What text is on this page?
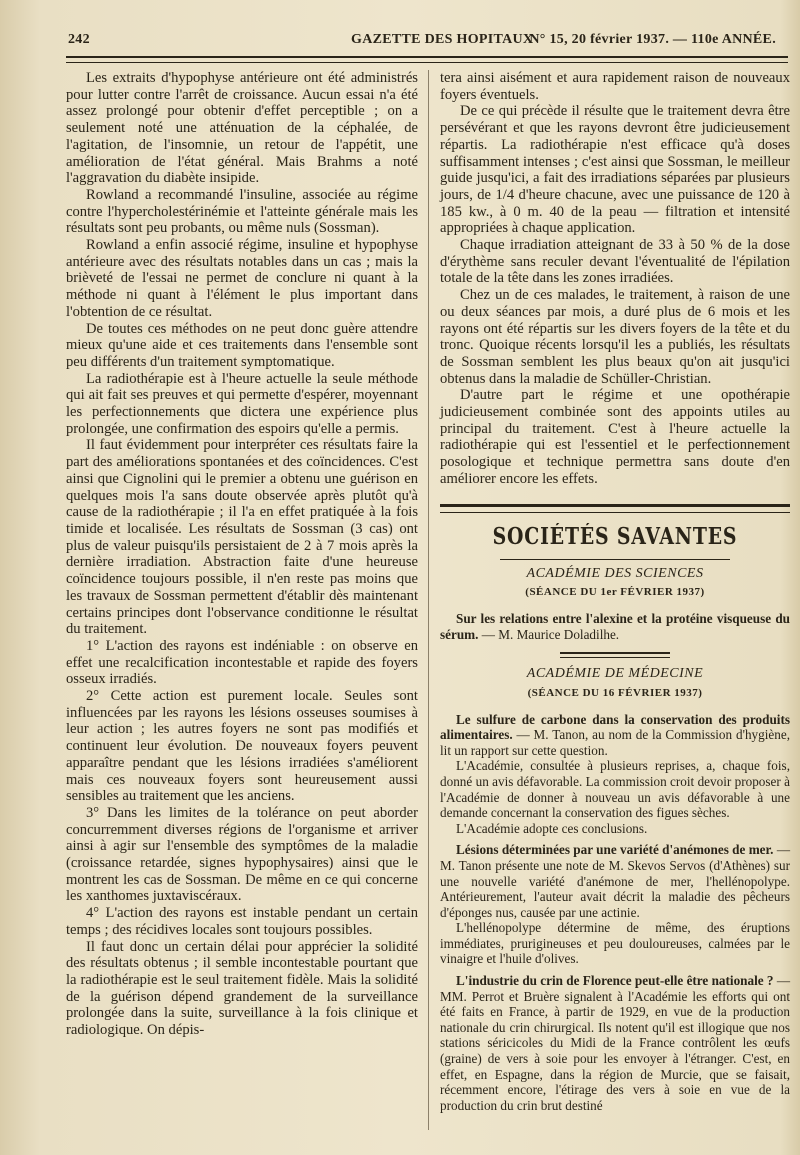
242	GAZETTE DES HOPITAUX
N° 15, 20 février 1937. — 110e ANNÉE.

Les extraits d'hypophyse antérieure ont été administrés pour lutter contre l'arrêt de croissance. Aucun essai n'a été assez prolongé pour obtenir d'effet perceptible ; on a seulement noté une atténuation de la céphalée, de l'agitation, de l'insomnie, un retour de l'appétit, une amélioration de l'état général. Mais Brahms a noté l'aggravation du diabète insipide.

Rowland a recommandé l'insuline, associée au régime contre l'hypercholestérinémie et l'atteinte générale mais les résultats sont peu probants, ou même nuls (Sossman).

Rowland a enfin associé régime, insuline et hypophyse antérieure avec des résultats notables dans un cas ; mais la brièveté de l'essai ne permet de conclure ni quant à la méthode ni quant à l'élément le plus important dans l'obtention de ce résultat.

De toutes ces méthodes on ne peut donc guère attendre mieux qu'une aide et ces traitements dans l'ensemble sont peu différents d'un traitement symptomatique.

La radiothérapie est à l'heure actuelle la seule méthode qui ait fait ses preuves et qui permette d'espérer, moyennant les perfectionnements que dictera une expérience plus prolongée, une confirmation des espoirs qu'elle a permis.

Il faut évidemment pour interpréter ces résultats faire la part des améliorations spontanées et des coïncidences. C'est ainsi que Cignolini qui le premier a obtenu une guérison en quelques mois l'a sans doute observée après plutôt qu'à cause de la radiothérapie ; il l'a en effet pratiquée à la fois timide et localisée. Les résultats de Sossman (3 cas) ont plus de valeur puisqu'ils persistaient de 2 à 7 mois après la dernière irradiation. Abstraction faite d'une heureuse coïncidence toujours possible, il n'en reste pas moins que les travaux de Sossman permettent d'établir dès maintenant certains principes dont l'observance conditionne le résultat du traitement.

1° L'action des rayons est indéniable : on observe en effet une recalcification incontestable et rapide des foyers osseux irradiés.

2° Cette action est purement locale. Seules sont influencées par les rayons les lésions osseuses soumises à leur action ; les autres foyers ne sont pas modifiés et continuent leur évolution. De nouveaux foyers peuvent apparaître pendant que les lésions irradiées s'améliorent mais ces nouveaux foyers sont heureusement aussi sensibles au traitement que les anciens.

3° Dans les limites de la tolérance on peut aborder concurremment diverses régions de l'organisme et arriver ainsi à agir sur l'ensemble des symptômes de la maladie (croissance retardée, signes hypophysaires) ainsi que le montrent les cas de Sossman. De même en ce qui concerne les xanthomes juxtaviscéraux.

4° L'action des rayons est instable pendant un certain temps ; des récidives locales sont toujours possibles.

Il faut donc un certain délai pour apprécier la solidité des résultats obtenus ; il semble incontestable pourtant que la radiothérapie est le seul traitement fidèle. Mais la solidité de la guérison dépend grandement de la surveillance prolongée dans la suite, surveillance à la fois clinique et radiologique. On dépis-

tera ainsi aisément et aura rapidement raison de nouveaux foyers éventuels.

De ce qui précède il résulte que le traitement devra être persévérant et que les rayons devront être judicieusement répartis. La radiothérapie n'est efficace qu'à doses suffisamment intenses ; c'est ainsi que Sossman, le meilleur guide jusqu'ici, a fait des irradiations séparées par plusieurs jours, de 1/4 d'heure chacune, avec une puissance de 120 à 185 kw., à 0 m. 40 de la peau — filtration et intensité appropriées à chaque application.

Chaque irradiation atteignant de 33 à 50 % de la dose d'érythème sans reculer devant l'éventualité de l'épilation totale de la tête dans les zones irradiées.

Chez un de ces malades, le traitement, à raison de une ou deux séances par mois, a duré plus de 6 mois et les rayons ont été répartis sur les divers foyers de la tête et du tronc. Quoique récents lorsqu'il les a publiés, les résultats de Sossman semblent les plus beaux qu'on ait jusqu'ici obtenus dans la maladie de Schüller-Christian.

D'autre part le régime et une opothérapie judicieusement combinée sont des appoints utiles au principal du traitement. C'est à l'heure actuelle la radiothérapie qui est l'essentiel et le perfectionnement posologique et technique permettra sans doute d'en améliorer encore les effets.

SOCIÉTÉS SAVANTES
ACADÉMIE DES SCIENCES
(SÉANCE DU 1er FÉVRIER 1937)

Sur les relations entre l'alexine et la protéine visqueuse du sérum. — M. Maurice Doladilhe.

ACADÉMIE DE MÉDECINE
(SÉANCE DU 16 FÉVRIER 1937)

Le sulfure de carbone dans la conservation des produits alimentaires. — M. Tanon, au nom de la Commission d'hygiène, lit un rapport sur cette question.

L'Académie, consultée à plusieurs reprises, a, chaque fois, donné un avis défavorable. La commission croit devoir proposer à l'Académie de donner à nouveau un avis défavorable à une demande concernant la conservation des figues sèches.

L'Académie adopte ces conclusions.

Lésions déterminées par une variété d'anémones de mer. — M. Tanon présente une note de M. Skevos Servos (d'Athènes) sur une nouvelle variété d'anémone de mer, l'hellénopolype. Antérieurement, l'auteur avait décrit la maladie des pêcheurs d'éponges nus, causée par une actinie.

L'hellénopolype détermine de même, des éruptions immédiates, prurigineuses et peu douloureuses, calmées par le vinaigre et l'huile d'olives.

L'industrie du crin de Florence peut-elle être nationale ? — MM. Perrot et Bruère signalent à l'Académie les efforts qui ont été faits en France, à partir de 1929, en vue de la production nationale du crin chirurgical. Ils notent qu'il est illogique que nos stations séricicoles du Midi de la France contrôlent les œufs (graine) de vers à soie pour les envoyer à l'étranger. C'est, en effet, en Espagne, dans la région de Murcie, que se faisait, récemment encore, l'étirage des vers à soie en vue de la production du crin brut destiné
